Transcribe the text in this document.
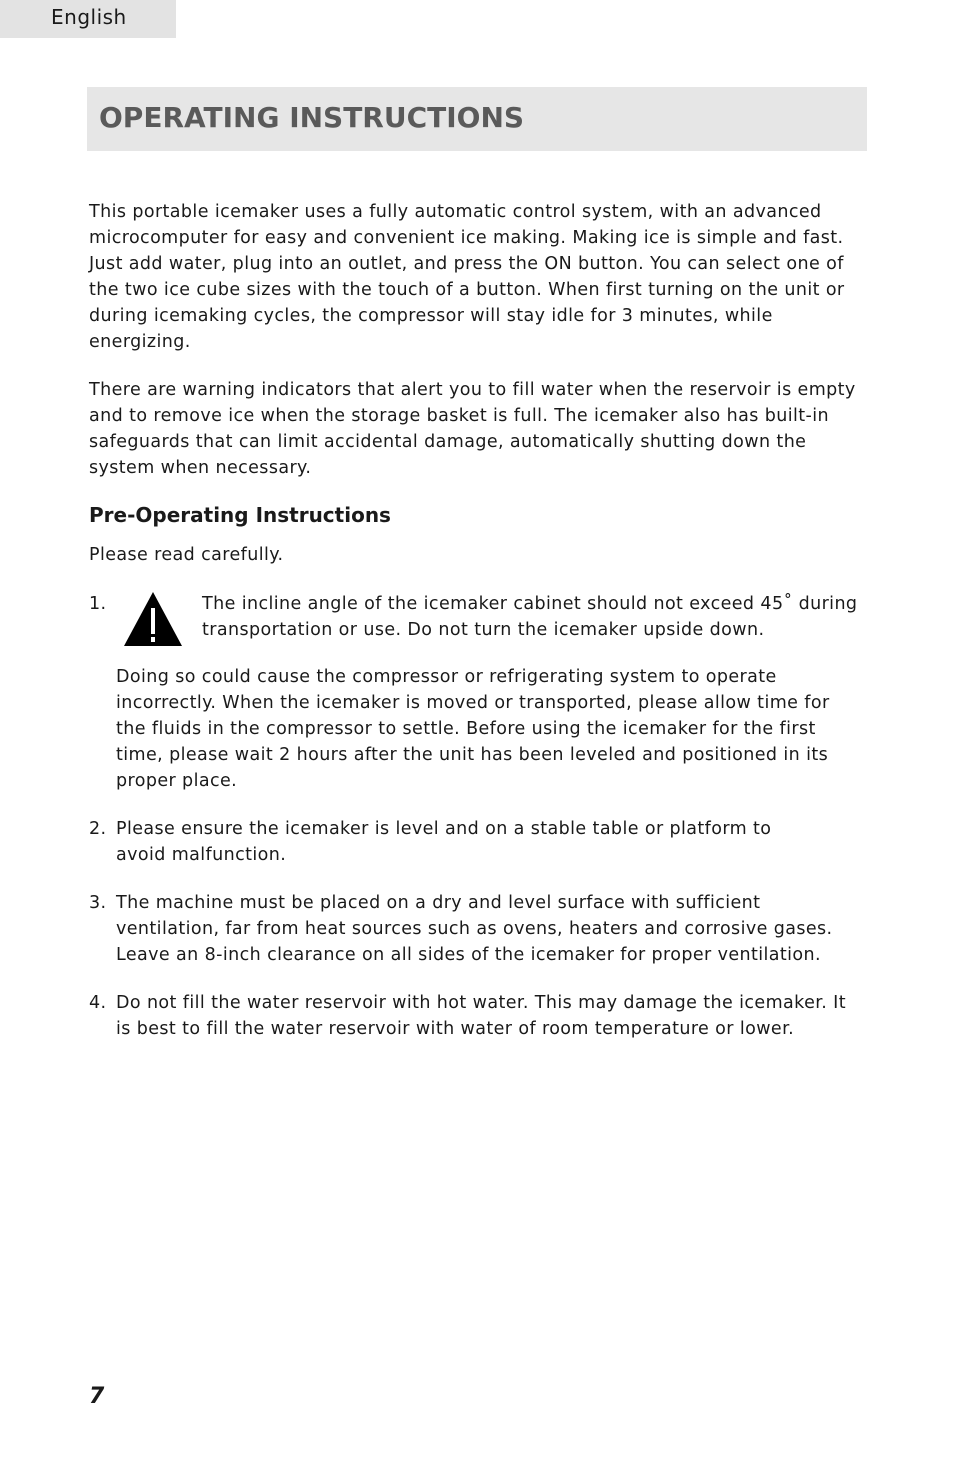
English
OPERATING INSTRUCTIONS
This portable icemaker uses a fully automatic control system, with an advanced microcomputer for easy and convenient ice making. Making ice is simple and fast. Just add water, plug into an outlet, and press the ON button. You can select one of the two ice cube sizes with the touch of a button. When first turning on the unit or during icemaking cycles, the compressor will stay idle for 3 minutes, while energizing.
There are warning indicators that alert you to fill water when the reservoir is empty and to remove ice when the storage basket is full. The icemaker also has built-in safeguards that can limit accidental damage, automatically shutting down the system when necessary.
Pre-Operating Instructions
Please read carefully.
1.	The incline angle of the icemaker cabinet should not exceed 45˚ during transportation or use. Do not turn the icemaker upside down.
Doing so could cause the compressor or refrigerating system to operate incorrectly. When the icemaker is moved or transported, please allow time for the fluids in the compressor to settle. Before using the icemaker for the first time, please wait 2 hours after the unit has been leveled and positioned in its proper place.
2. Please ensure the icemaker is level and on a stable table or platform to avoid malfunction.
3. The machine must be placed on a dry and level surface with sufficient ventilation, far from heat sources such as ovens, heaters and corrosive gases. Leave an 8-inch clearance on all sides of the icemaker for proper ventilation.
4. Do not fill the water reservoir with hot water. This may damage the icemaker. It is best to fill the water reservoir with water of room temperature or lower.
7
